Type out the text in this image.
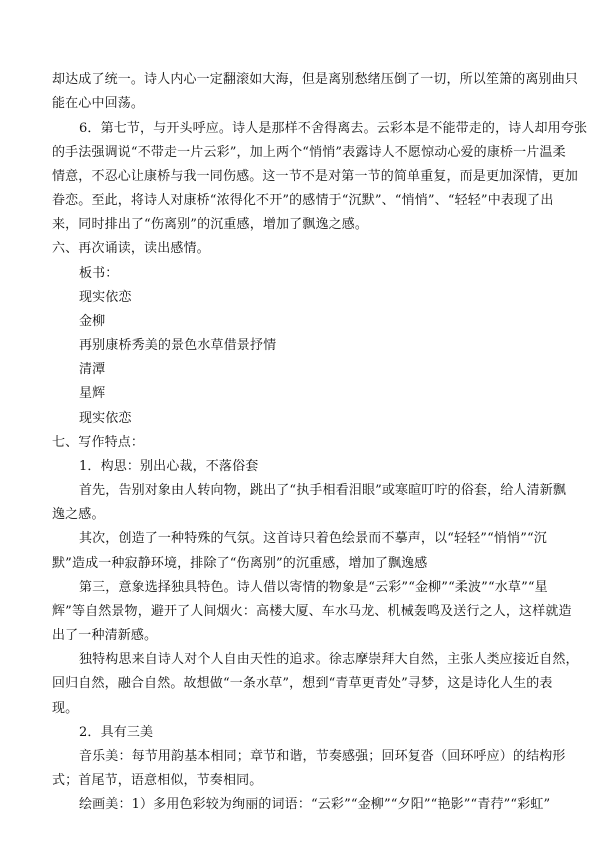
却达成了统一。诗人内心一定翻滚如大海，但是离别愁绪压倒了一切，所以笙箫的离别曲只
能在心中回荡。
6．第七节，与开头呼应。诗人是那样不舍得离去。云彩本是不能带走的，诗人却用夸张
的手法强调说“不带走一片云彩”，加上两个“悄悄”表露诗人不愿惊动心爱的康桥一片温柔
情意，不忍心让康桥与我一同伤感。这一节不是对第一节的简单重复，而是更加深情，更加
眷恋。至此，将诗人对康桥“浓得化不开”的感情于“沉默”、“悄悄”、“轻轻”中表现了出
来，同时排出了“伤离别”的沉重感，增加了飘逸之感。
六、再次诵读，读出感情。
板书：
现实依恋
金柳
再别康桥秀美的景色水草借景抒情
清潭
星辉
现实依恋
七、写作特点：
1．构思：别出心裁，不落俗套
首先，告别对象由人转向物，跳出了“执手相看泪眼”或寒暄叮咛的俗套，给人清新飘
逸之感。
其次，创造了一种特殊的气氛。这首诗只着色绘景而不摹声，以“轻轻”“悄悄”“沉
默”造成一种寂静环境，排除了“伤离别”的沉重感，增加了飘逸感
第三，意象选择独具特色。诗人借以寄情的物象是“云彩”“金柳”“柔波”“水草”“星
辉”等自然景物，避开了人间烟火：高楼大厦、车水马龙、机械轰鸣及送行之人，这样就造
出了一种清新感。
独特构思来自诗人对个人自由天性的追求。徐志摩崇拜大自然，主张人类应接近自然，
回归自然，融合自然。故想做“一条水草”，想到“青草更青处”寻梦，这是诗化人生的表
现。
2．具有三美
音乐美：每节用韵基本相同；章节和谐，节奏感强；回环复沓（回环呼应）的结构形
式；首尾节，语意相似，节奏相同。
绘画美：1）多用色彩较为绚丽的词语：“云彩”“金柳”“夕阳”“艳影”“青荇”“彩虹”
